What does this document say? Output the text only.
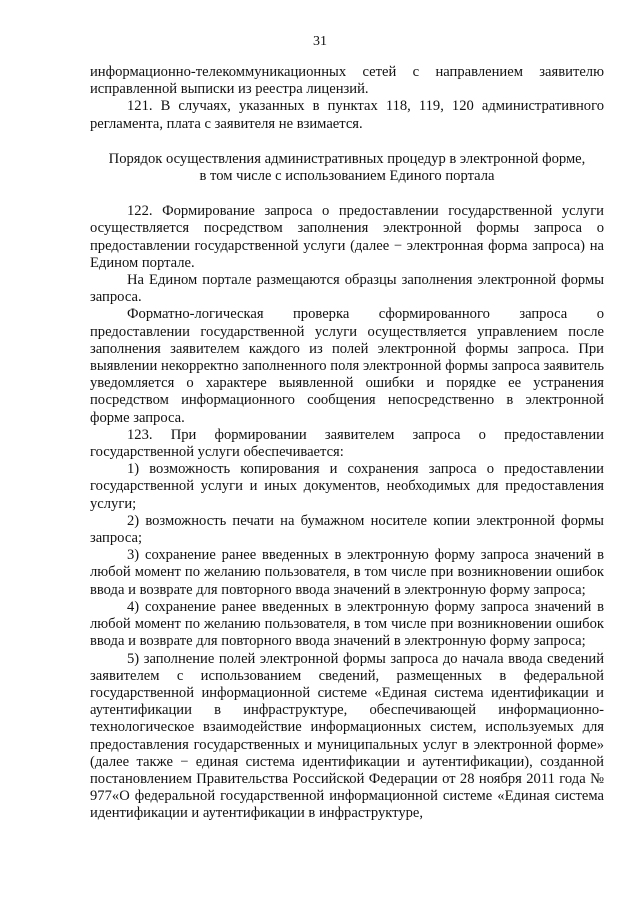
31

информационно-телекоммуникационных сетей с направлением заявителю исправленной выписки из реестра лицензий.

121. В случаях, указанных в пунктах 118, 119, 120 административного регламента, плата с заявителя не взимается.

Порядок осуществления административных процедур в электронной форме,
в том числе с использованием Единого портала

122. Формирование запроса о предоставлении государственной услуги осуществляется посредством заполнения электронной формы запроса о предоставлении государственной услуги (далее − электронная форма запроса) на Едином портале.

На Едином портале размещаются образцы заполнения электронной формы запроса.

Форматно-логическая проверка сформированного запроса о предоставлении государственной услуги осуществляется управлением после заполнения заявителем каждого из полей электронной формы запроса. При выявлении некорректно заполненного поля электронной формы запроса заявитель уведомляется о характере выявленной ошибки и порядке ее устранения посредством информационного сообщения непосредственно в электронной форме запроса.

123. При формировании заявителем запроса о предоставлении государственной услуги обеспечивается:

1) возможность копирования и сохранения запроса о предоставлении государственной услуги и иных документов, необходимых для предоставления услуги;

2) возможность печати на бумажном носителе копии электронной формы запроса;

3) сохранение ранее введенных в электронную форму запроса значений в любой момент по желанию пользователя, в том числе при возникновении ошибок ввода и возврате для повторного ввода значений в электронную форму запроса;

4) сохранение ранее введенных в электронную форму запроса значений в любой момент по желанию пользователя, в том числе при возникновении ошибок ввода и возврате для повторного ввода значений в электронную форму запроса;

5) заполнение полей электронной формы запроса до начала ввода сведений заявителем с использованием сведений, размещенных в федеральной государственной информационной системе «Единая система идентификации и аутентификации в инфраструктуре, обеспечивающей информационно-технологическое взаимодействие информационных систем, используемых для предоставления государственных и муниципальных услуг в электронной форме» (далее также − единая система идентификации и аутентификации), созданной постановлением Правительства Российской Федерации от 28 ноября 2011 года № 977«О федеральной государственной информационной системе «Единая система идентификации и аутентификации в инфраструктуре,
